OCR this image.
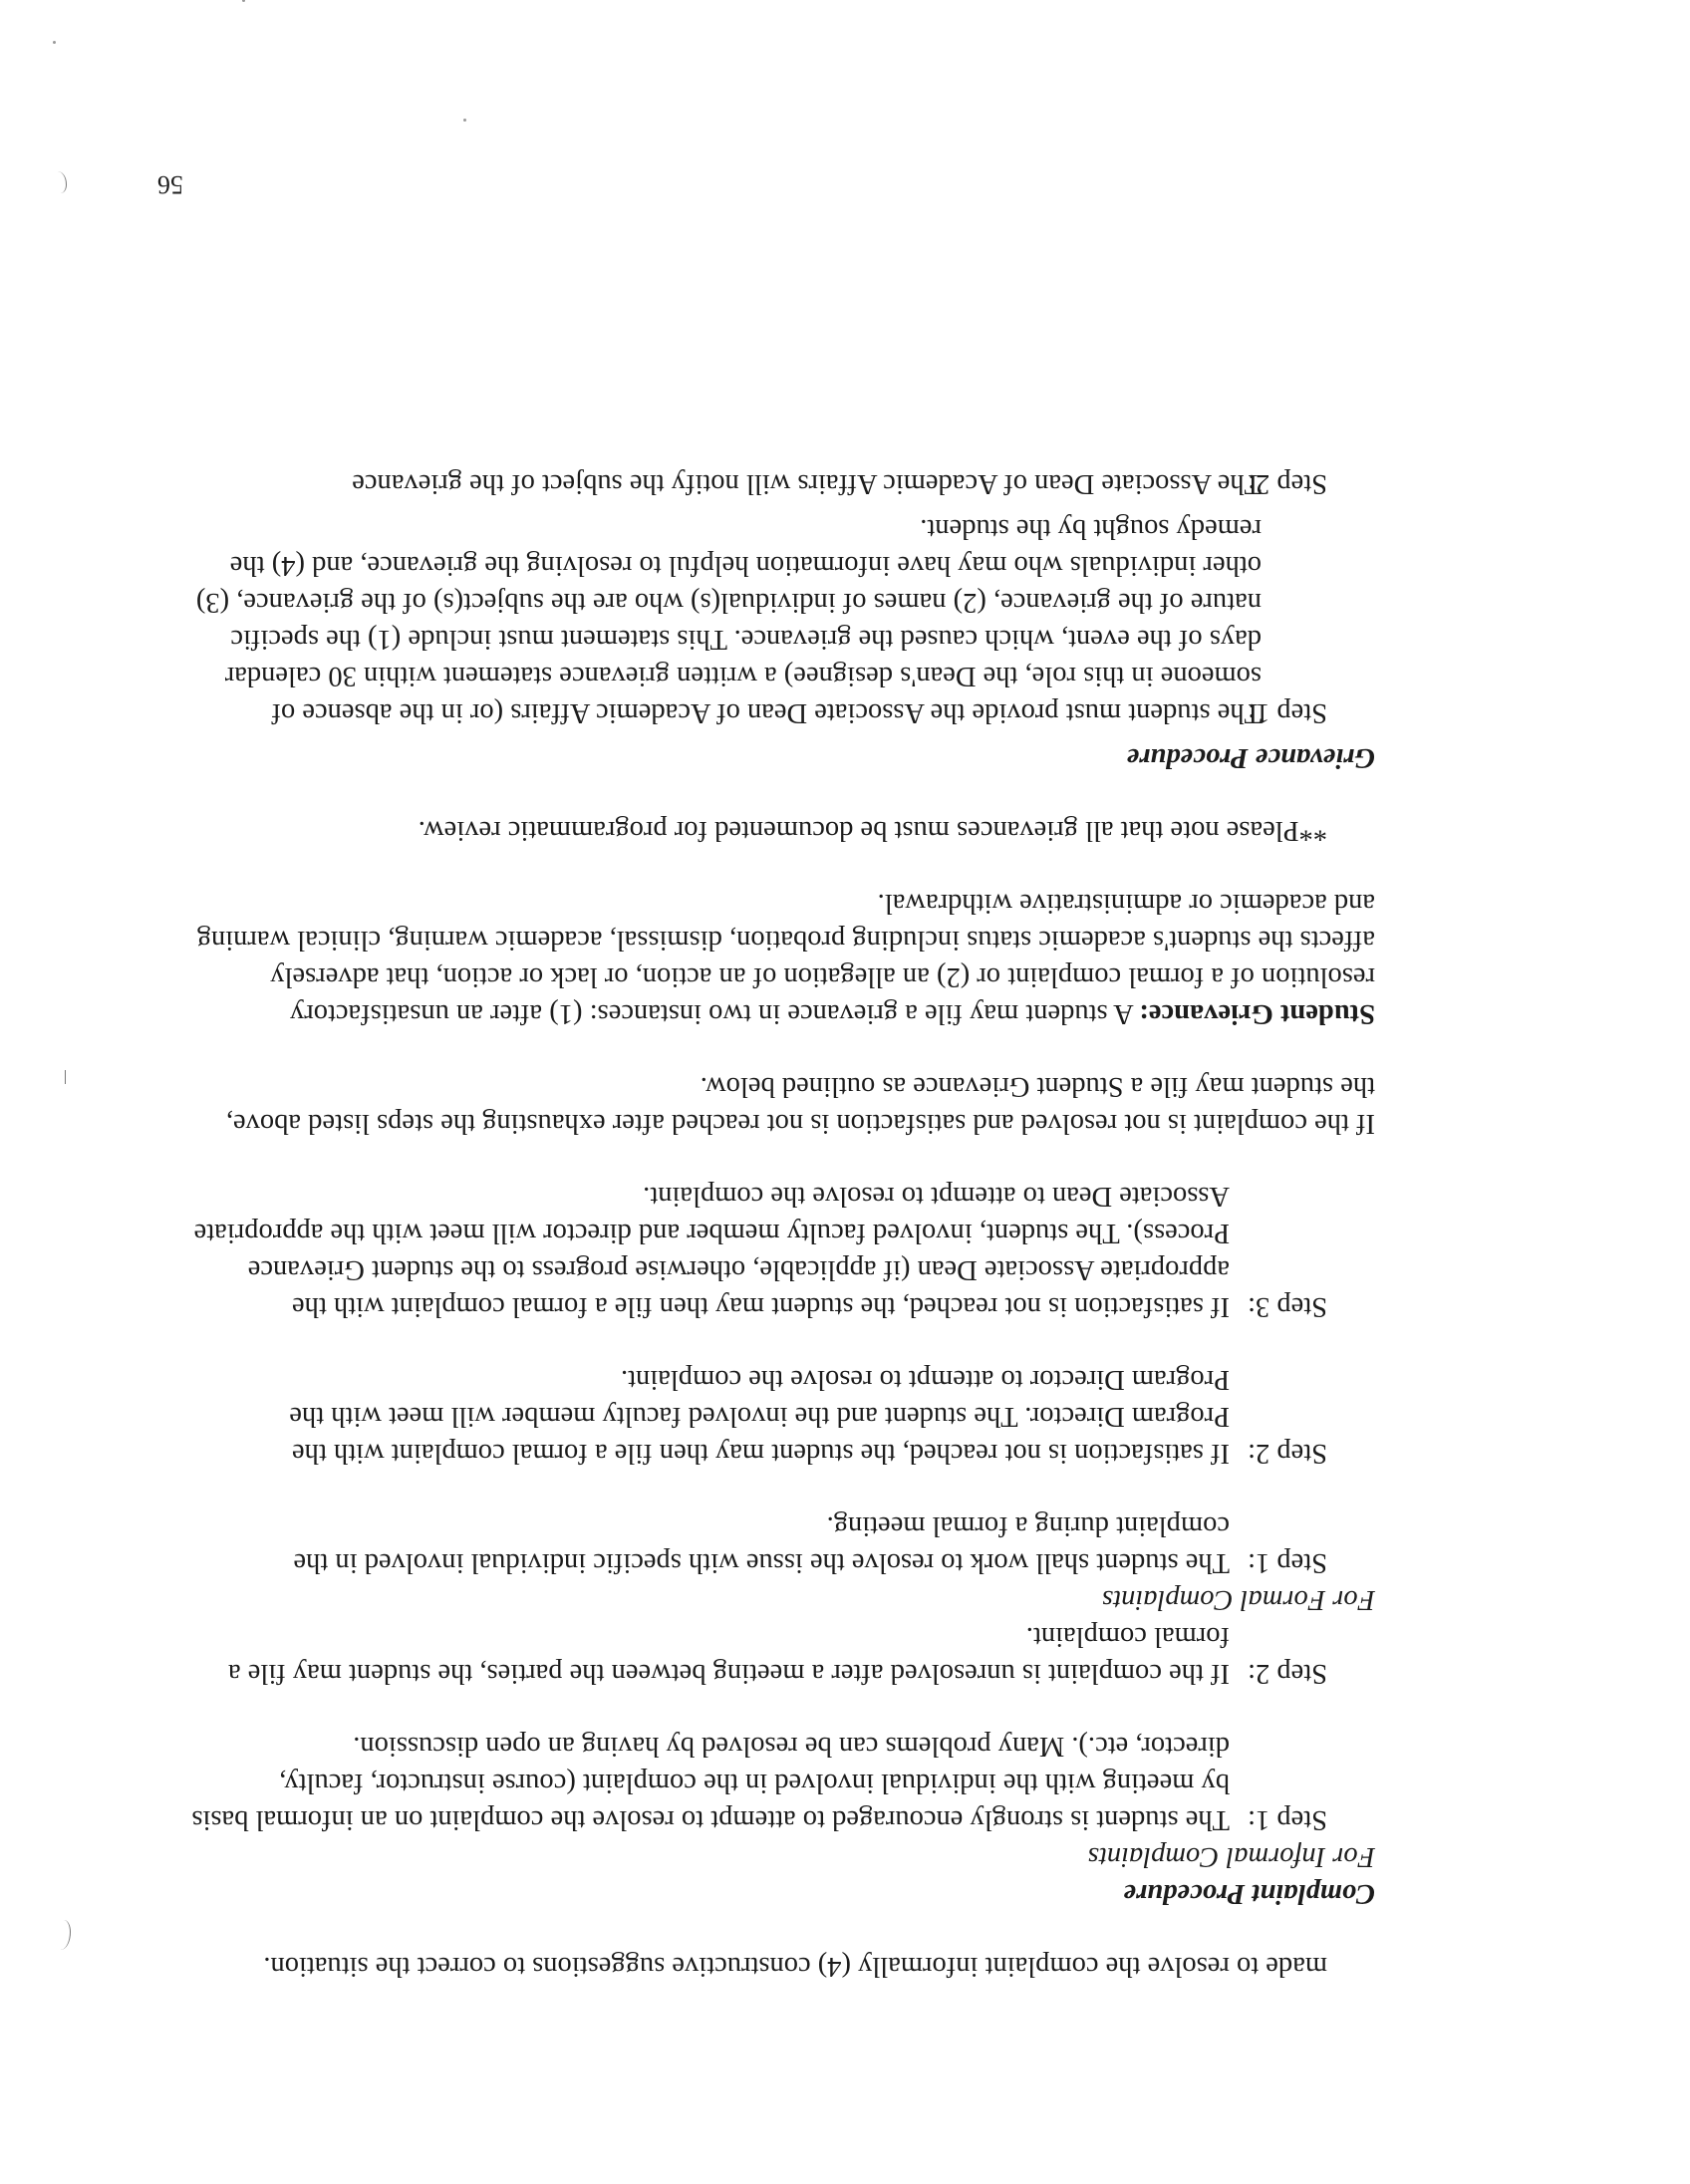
made to resolve the complaint informally (4) constructive suggestions to correct the situation.

Complaint Procedure

For Informal Complaints

Step 1:
The student is strongly encouraged to attempt to resolve the complaint on an informal basis by meeting with the individual involved in the complaint (course instructor, faculty, director, etc.). Many problems can be resolved by having an open discussion.
Step 2:
If the complaint is unresolved after a meeting between the parties, the student may file a formal complaint.

For Formal Complaints

Step 1:
The student shall work to resolve the issue with specific individual involved in the complaint during a formal meeting.
Step 2:
If satisfaction is not reached, the student may then file a formal complaint with the Program Director. The student and the involved faculty member will meet with the Program Director to attempt to resolve the complaint.
Step 3:
If satisfaction is not reached, the student may then file a formal complaint with the appropriate Associate Dean (if applicable, otherwise progress to the student Grievance Process). The student, involved faculty member and director will meet with the appropriate Associate Dean to attempt to resolve the complaint.

If the complaint is not resolved and satisfaction is not reached after exhausting the steps listed above, the student may file a Student Grievance as outlined below.

Student Grievance: A student may file a grievance in two instances: (1) after an unsatisfactory resolution of a formal complaint or (2) an allegation of an action, or lack or action, that adversely affects the student's academic status including probation, dismissal, academic warning, clinical warning and academic or administrative withdrawal.

**Please note that all grievances must be documented for programmatic review.

Grievance Procedure

Step 1:
The student must provide the Associate Dean of Academic Affairs (or in the absence of someone in this role, the Dean's designee) a written grievance statement within 30 calendar days of the event, which caused the grievance. This statement must include (1) the specific nature of the grievance, (2) names of individual(s) who are the subject(s) of the grievance, (3) other individuals who may have information helpful to resolving the grievance, and (4) the remedy sought by the student.
Step 2:
The Associate Dean of Academic Affairs will notify the subject of the grievance
56
